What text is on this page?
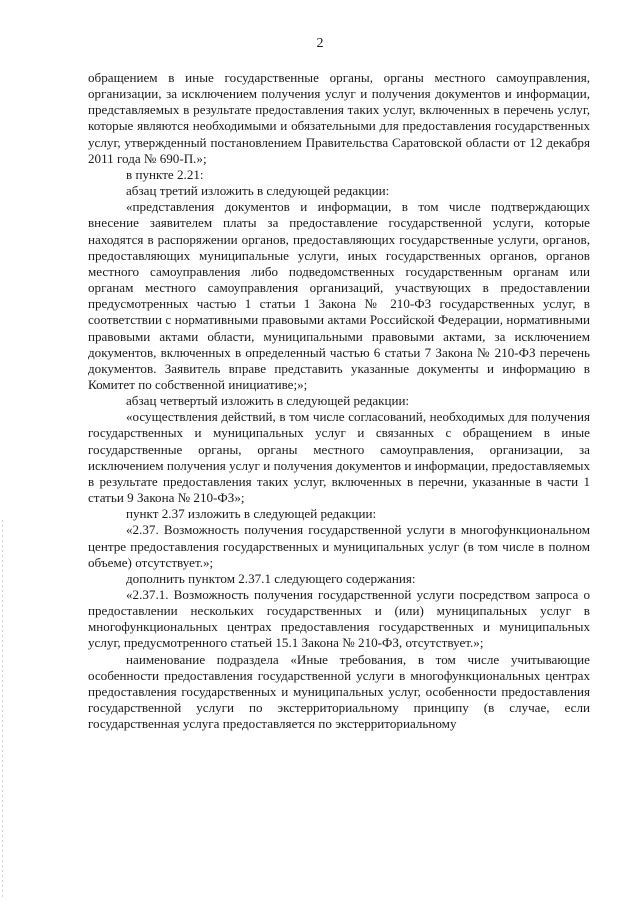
2

обращением в иные государственные органы, органы местного самоуправления, организации, за исключением получения услуг и получения документов и информации, представляемых в результате предоставления таких услуг, включенных в перечень услуг, которые являются необходимыми и обязательными для предоставления государственных услуг, утвержденный постановлением Правительства Саратовской области от 12 декабря 2011 года № 690-П.»;

в пункте 2.21:

абзац третий изложить в следующей редакции:

«представления документов и информации, в том числе подтверждающих внесение заявителем платы за предоставление государственной услуги, которые находятся в распоряжении органов, предоставляющих государственные услуги, органов, предоставляющих муниципальные услуги, иных государственных органов, органов местного самоуправления либо подведомственных государственным органам или органам местного самоуправления организаций, участвующих в предоставлении предусмотренных частью 1 статьи 1 Закона № 210-ФЗ государственных услуг, в соответствии с нормативными правовыми актами Российской Федерации, нормативными правовыми актами области, муниципальными правовыми актами, за исключением документов, включенных в определенный частью 6 статьи 7 Закона № 210-ФЗ перечень документов. Заявитель вправе представить указанные документы и информацию в Комитет по собственной инициативе;»;

абзац четвертый изложить в следующей редакции:

«осуществления действий, в том числе согласований, необходимых для получения государственных и муниципальных услуг и связанных с обращением в иные государственные органы, органы местного самоуправления, организации, за исключением получения услуг и получения документов и информации, предоставляемых в результате предоставления таких услуг, включенных в перечни, указанные в части 1 статьи 9 Закона № 210-ФЗ»;

пункт 2.37 изложить в следующей редакции:

«2.37. Возможность получения государственной услуги в многофункциональном центре предоставления государственных и муниципальных услуг (в том числе в полном объеме) отсутствует.»;

дополнить пунктом 2.37.1 следующего содержания:

«2.37.1. Возможность получения государственной услуги посредством запроса о предоставлении нескольких государственных и (или) муниципальных услуг в многофункциональных центрах предоставления государственных и муниципальных услуг, предусмотренного статьей 15.1 Закона № 210-ФЗ, отсутствует.»;

наименование подраздела «Иные требования, в том числе учитывающие особенности предоставления государственной услуги в многофункциональных центрах предоставления государственных и муниципальных услуг, особенности предоставления государственной услуги по экстерриториальному принципу (в случае, если государственная услуга предоставляется по экстерриториальному
